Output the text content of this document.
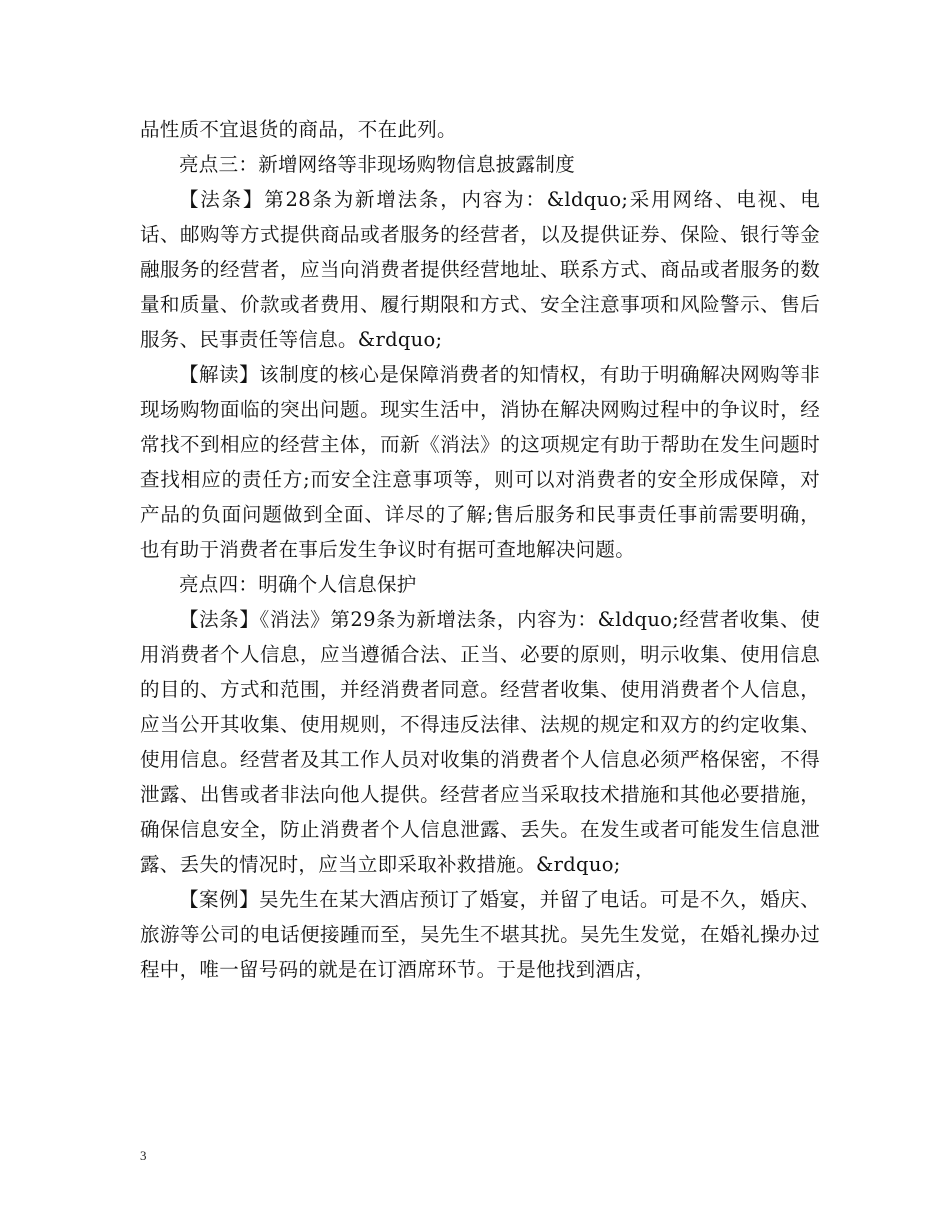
品性质不宜退货的商品，不在此列。

亮点三：新增网络等非现场购物信息披露制度

【法条】第28条为新增法条，内容为：&ldquo;采用网络、电视、电话、邮购等方式提供商品或者服务的经营者，以及提供证券、保险、银行等金融服务的经营者，应当向消费者提供经营地址、联系方式、商品或者服务的数量和质量、价款或者费用、履行期限和方式、安全注意事项和风险警示、售后服务、民事责任等信息。&rdquo;

【解读】该制度的核心是保障消费者的知情权，有助于明确解决网购等非现场购物面临的突出问题。现实生活中，消协在解决网购过程中的争议时，经常找不到相应的经营主体，而新《消法》的这项规定有助于帮助在发生问题时查找相应的责任方;而安全注意事项等，则可以对消费者的安全形成保障，对产品的负面问题做到全面、详尽的了解;售后服务和民事责任事前需要明确，也有助于消费者在事后发生争议时有据可查地解决问题。

亮点四：明确个人信息保护

【法条】《消法》第29条为新增法条，内容为：&ldquo;经营者收集、使用消费者个人信息，应当遵循合法、正当、必要的原则，明示收集、使用信息的目的、方式和范围，并经消费者同意。经营者收集、使用消费者个人信息，应当公开其收集、使用规则，不得违反法律、法规的规定和双方的约定收集、使用信息。经营者及其工作人员对收集的消费者个人信息必须严格保密，不得泄露、出售或者非法向他人提供。经营者应当采取技术措施和其他必要措施，确保信息安全，防止消费者个人信息泄露、丢失。在发生或者可能发生信息泄露、丢失的情况时，应当立即采取补救措施。&rdquo;

【案例】吴先生在某大酒店预订了婚宴，并留了电话。可是不久，婚庆、旅游等公司的电话便接踵而至，吴先生不堪其扰。吴先生发觉，在婚礼操办过程中，唯一留号码的就是在订酒席环节。于是他找到酒店，

3
